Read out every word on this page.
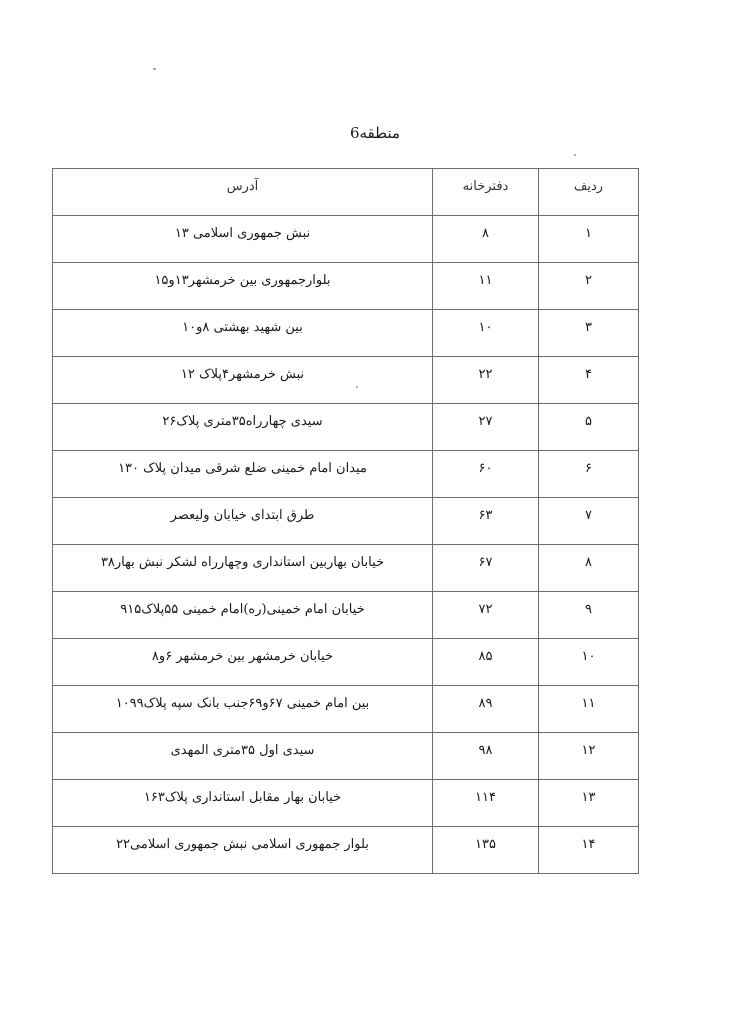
منطقه6
ردیف	دفترخانه	آدرس
۱	۸	نبش جمهوری اسلامی ۱۳
۲	۱۱	بلوارجمهوری بین خرمشهر۱۳و۱۵
۳	۱۰	بین شهید بهشتی ۸و۱۰
۴	۲۲	نبش خرمشهر۴پلاک ۱۲
۵	۲۷	سیدی چهارراه۳۵متری پلاک۲۶
۶	۶۰	میدان امام خمینی ضلع شرقی میدان پلاک ۱۳۰
۷	۶۳	طرق ابتدای خیابان ولیعصر
۸	۶۷	خیابان بهاربین استانداری وچهارراه لشکر نبش بهار۳۸
۹	۷۲	خیابان امام خمینی(ره)امام خمینی ۵۵پلاک۹۱۵
۱۰	۸۵	خیابان خرمشهر بین خرمشهر ۶و۸
۱۱	۸۹	بین امام خمینی ۶۷و۶۹جنب بانک سپه پلاک۱۰۹۹
۱۲	۹۸	سیدی اول ۳۵متری المهدی
۱۳	۱۱۴	خیابان بهار مقابل استانداری پلاک۱۶۳
۱۴	۱۳۵	بلوار جمهوری اسلامی نبش جمهوری اسلامی۲۲
